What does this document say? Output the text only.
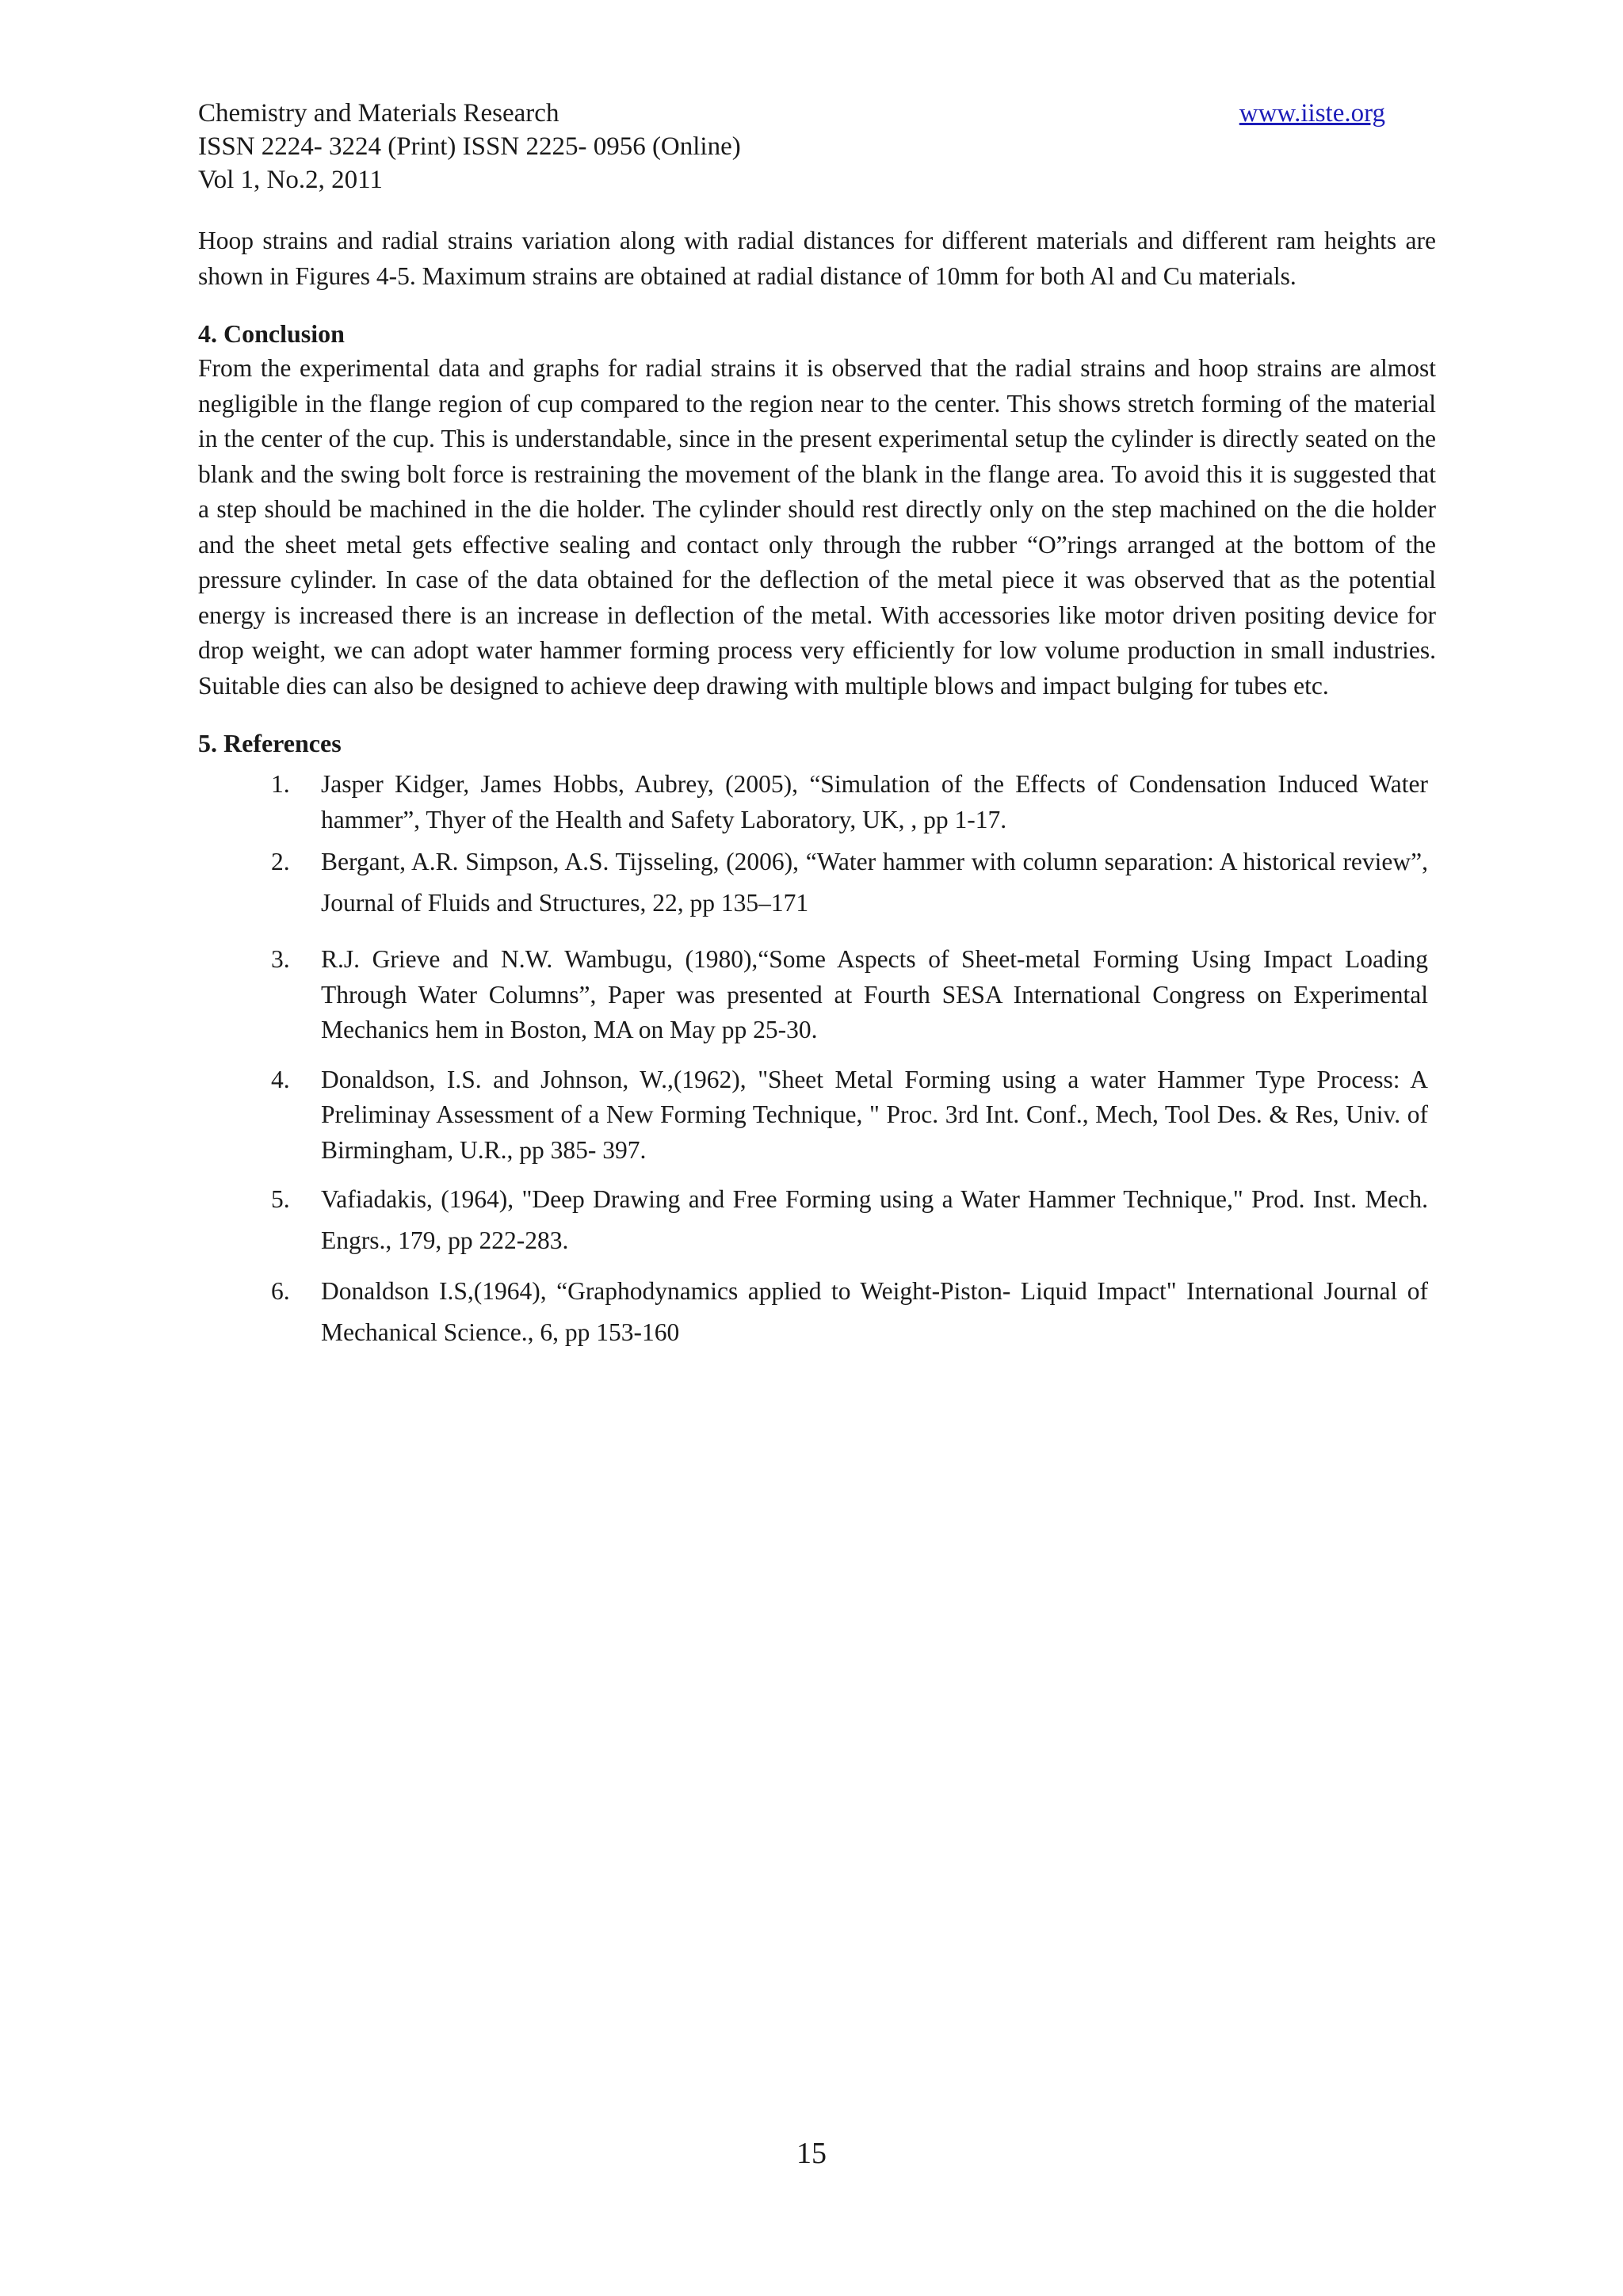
Chemistry and Materials Research
ISSN 2224- 3224 (Print) ISSN 2225- 0956 (Online)
Vol 1, No.2, 2011
www.iiste.org

Hoop strains and radial strains variation along with radial distances for different materials and different ram heights are shown in Figures 4-5. Maximum strains are obtained at radial distance of 10mm for both Al and Cu materials.

4. Conclusion

From the experimental data and graphs for radial strains it is observed that the radial strains and hoop strains are almost negligible in the flange region of cup compared to the region near to the center. This shows stretch forming of the material in the center of the cup. This is understandable, since in the present experimental setup the cylinder is directly seated on the blank and the swing bolt force is restraining the movement of the blank in the flange area. To avoid this it is suggested that a step should be machined in the die holder. The cylinder should rest directly only on the step machined on the die holder and the sheet metal gets effective sealing and contact only through the rubber “O”rings arranged at the bottom of the pressure cylinder. In case of the data obtained for the deflection of the metal piece it was observed that as the potential energy is increased there is an increase in deflection of the metal. With accessories like motor driven positing device for drop weight, we can adopt water hammer forming process very efficiently for low volume production in small industries. Suitable dies can also be designed to achieve deep drawing with multiple blows and impact bulging for tubes etc.

5. References
1. Jasper Kidger, James Hobbs, Aubrey, (2005), “Simulation of the Effects of Condensation Induced Water hammer”, Thyer of the Health and Safety Laboratory, UK, , pp 1-17.
2. Bergant, A.R. Simpson, A.S. Tijsseling, (2006), “Water hammer with column separation: A historical review”, Journal of Fluids and Structures, 22, pp 135–171
3. R.J. Grieve and N.W. Wambugu, (1980),“Some Aspects of Sheet-metal Forming Using Impact Loading Through Water Columns”, Paper was presented at Fourth SESA International Congress on Experimental Mechanics hem in Boston, MA on May pp 25-30.
4. Donaldson, I.S. and Johnson, W.,(1962), "Sheet Metal Forming using a water Hammer Type Process: A Preliminay Assessment of a New Forming Technique, " Proc. 3rd Int. Conf., Mech, Tool Des. & Res, Univ. of Birmingham, U.R., pp 385- 397.
5. Vafiadakis, (1964), "Deep Drawing and Free Forming using a Water Hammer Technique," Prod. Inst. Mech. Engrs., 179, pp 222-283.
6. Donaldson I.S,(1964), “Graphodynamics applied to Weight-Piston- Liquid Impact" International Journal of Mechanical Science., 6, pp 153-160
15
